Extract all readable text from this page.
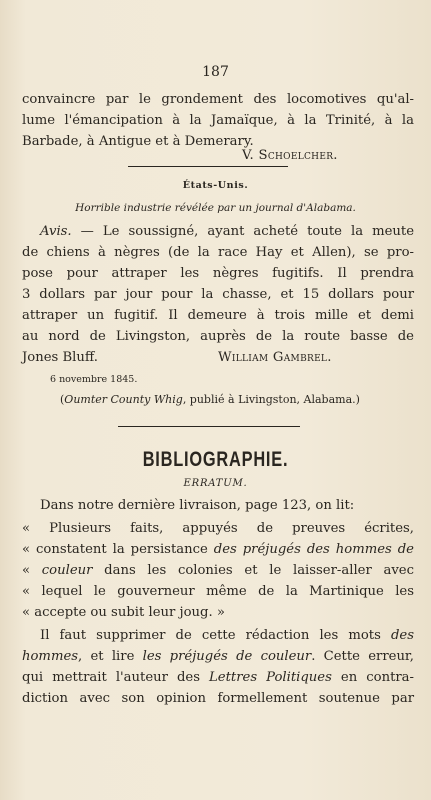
187
convaincre par le grondement des locomotives qu'al-
lume l'émancipation à la Jamaïque, à la Trinité, à la
Barbade, à Antigue et à Demerary.
V. Schoelcher.
États-Unis.
Horrible industrie révélée par un journal d'Alabama.
Avis. — Le soussigné, ayant acheté toute la meute
de chiens à nègres (de la race Hay et Allen), se pro-
pose pour attraper les nègres fugitifs. Il prendra
3 dollars par jour pour la chasse, et 15 dollars pour
attraper un fugitif. Il demeure à trois mille et demi
au nord de Livingston, auprès de la route basse de
Jones Bluff.	William Gambrel.
6 novembre 1845.
(Oumter County Whig, publié à Livingston, Alabama.)
BIBLIOGRAPHIE.
ERRATUM.
Dans notre dernière livraison, page 123, on lit:
« Plusieurs faits, appuyés de preuves écrites,
« constatent la persistance des préjugés des hommes de
« couleur dans les colonies et le laisser-aller avec
« lequel le gouverneur même de la Martinique les
« accepte ou subit leur joug. »
Il faut supprimer de cette rédaction les mots des
hommes, et lire les préjugés de couleur. Cette erreur,
qui mettrait l'auteur des Lettres Politiques en contra-
diction avec son opinion formellement soutenue par
